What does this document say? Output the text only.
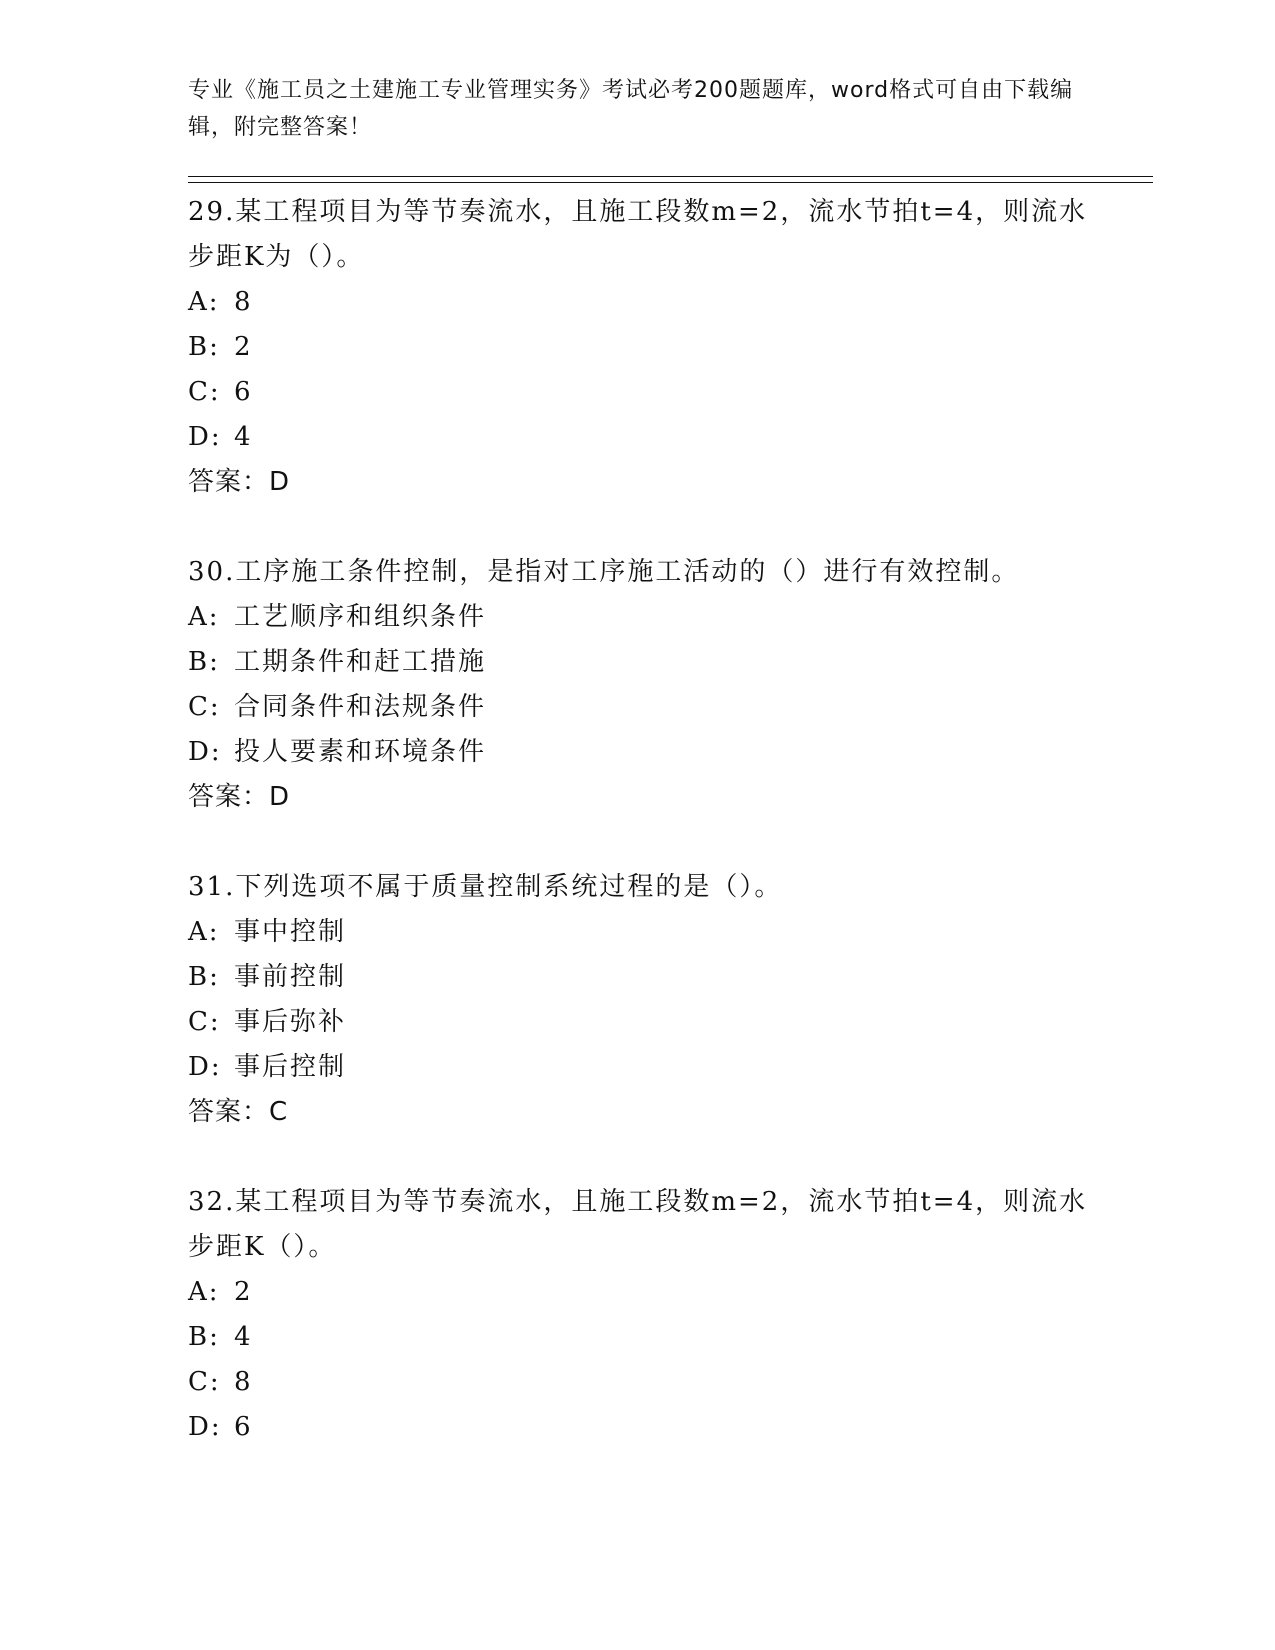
专业《施工员之土建施工专业管理实务》考试必考200题题库，word格式可自由下载编辑，附完整答案！

29.某工程项目为等节奏流水，且施工段数m=2，流水节拍t=4，则流水步距K为（）。

A: 8
B: 2
C: 6
D: 4
答案：D

30.工序施工条件控制，是指对工序施工活动的（）进行有效控制。

A: 工艺顺序和组织条件
B: 工期条件和赶工措施
C: 合同条件和法规条件
D: 投人要素和环境条件
答案：D

31.下列选项不属于质量控制系统过程的是（）。

A: 事中控制
B: 事前控制
C: 事后弥补
D: 事后控制
答案：C

32.某工程项目为等节奏流水，且施工段数m=2，流水节拍t=4，则流水步距K（）。

A: 2
B: 4
C: 8
D: 6
